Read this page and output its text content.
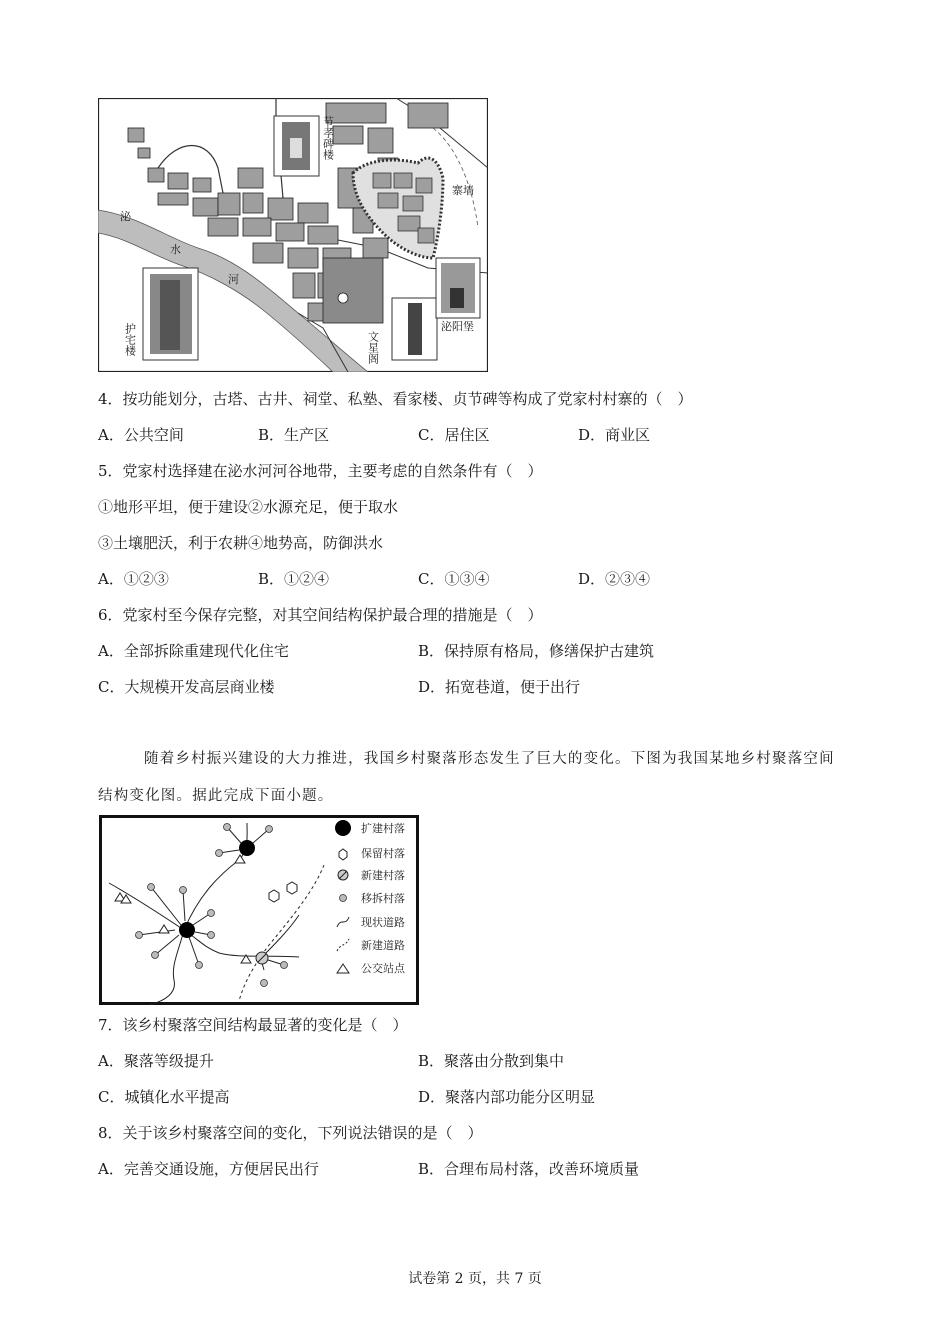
节孝碑楼
寨墙
泌
水
河
护宅楼	文星阁
泌阳堡
4．按功能划分，古塔、古井、祠堂、私塾、看家楼、贞节碑等构成了党家村村寨的（　）
A．公共空间	B．生产区	C．居住区	D．商业区
5．党家村选择建在泌水河河谷地带，主要考虑的自然条件有（　）
①地形平坦，便于建设②水源充足，便于取水
③土壤肥沃，利于农耕④地势高，防御洪水
A．①②③	B．①②④	C．①③④	D．②③④
6．党家村至今保存完整，对其空间结构保护最合理的措施是（　）
A．全部拆除重建现代化住宅	B．保持原有格局，修缮保护古建筑
C．大规模开发高层商业楼	D．拓宽巷道，便于出行
随着乡村振兴建设的大力推进，我国乡村聚落形态发生了巨大的变化。下图为我国某地乡村聚落空间
结构变化图。据此完成下面小题。
扩建村落
保留村落
新建村落
移拆村落
现状道路
新建道路
公交站点
7．该乡村聚落空间结构最显著的变化是（　）
A．聚落等级提升	B．聚落由分散到集中
C．城镇化水平提高	D．聚落内部功能分区明显
8．关于该乡村聚落空间的变化，下列说法错误的是（　）
A．完善交通设施，方便居民出行	B．合理布局村落，改善环境质量
试卷第 2 页，共 7 页
